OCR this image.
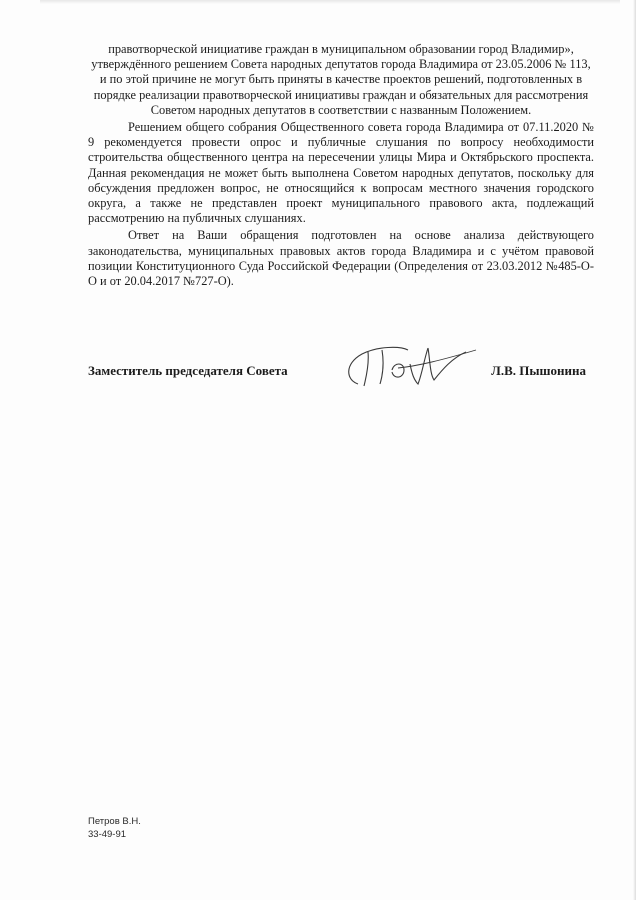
правотворческой инициативе граждан в муниципальном образовании город Владимир», утверждённого решением Совета народных депутатов города Владимира от 23.05.2006 № 113, и по этой причине не могут быть приняты в качестве проектов решений, подготовленных в порядке реализации правотворческой инициативы граждан и обязательных для рассмотрения Советом народных депутатов в соответствии с названным Положением.

Решением общего собрания Общественного совета города Владимира от 07.11.2020 № 9 рекомендуется провести опрос и публичные слушания по вопросу необходимости строительства общественного центра на пересечении улицы Мира и Октябрьского проспекта. Данная рекомендация не может быть выполнена Советом народных депутатов, поскольку для обсуждения предложен вопрос, не относящийся к вопросам местного значения городского округа, а также не представлен проект муниципального правового акта, подлежащий рассмотрению на публичных слушаниях.

Ответ на Ваши обращения подготовлен на основе анализа действующего законодательства, муниципальных правовых актов города Владимира и с учётом правовой позиции Конституционного Суда Российской Федерации (Определения от 23.03.2012 №485-О-О и от 20.04.2017 №727-О).

Заместитель председателя Совета	Л.В. Пышонина
Петров В.Н.
33-49-91
